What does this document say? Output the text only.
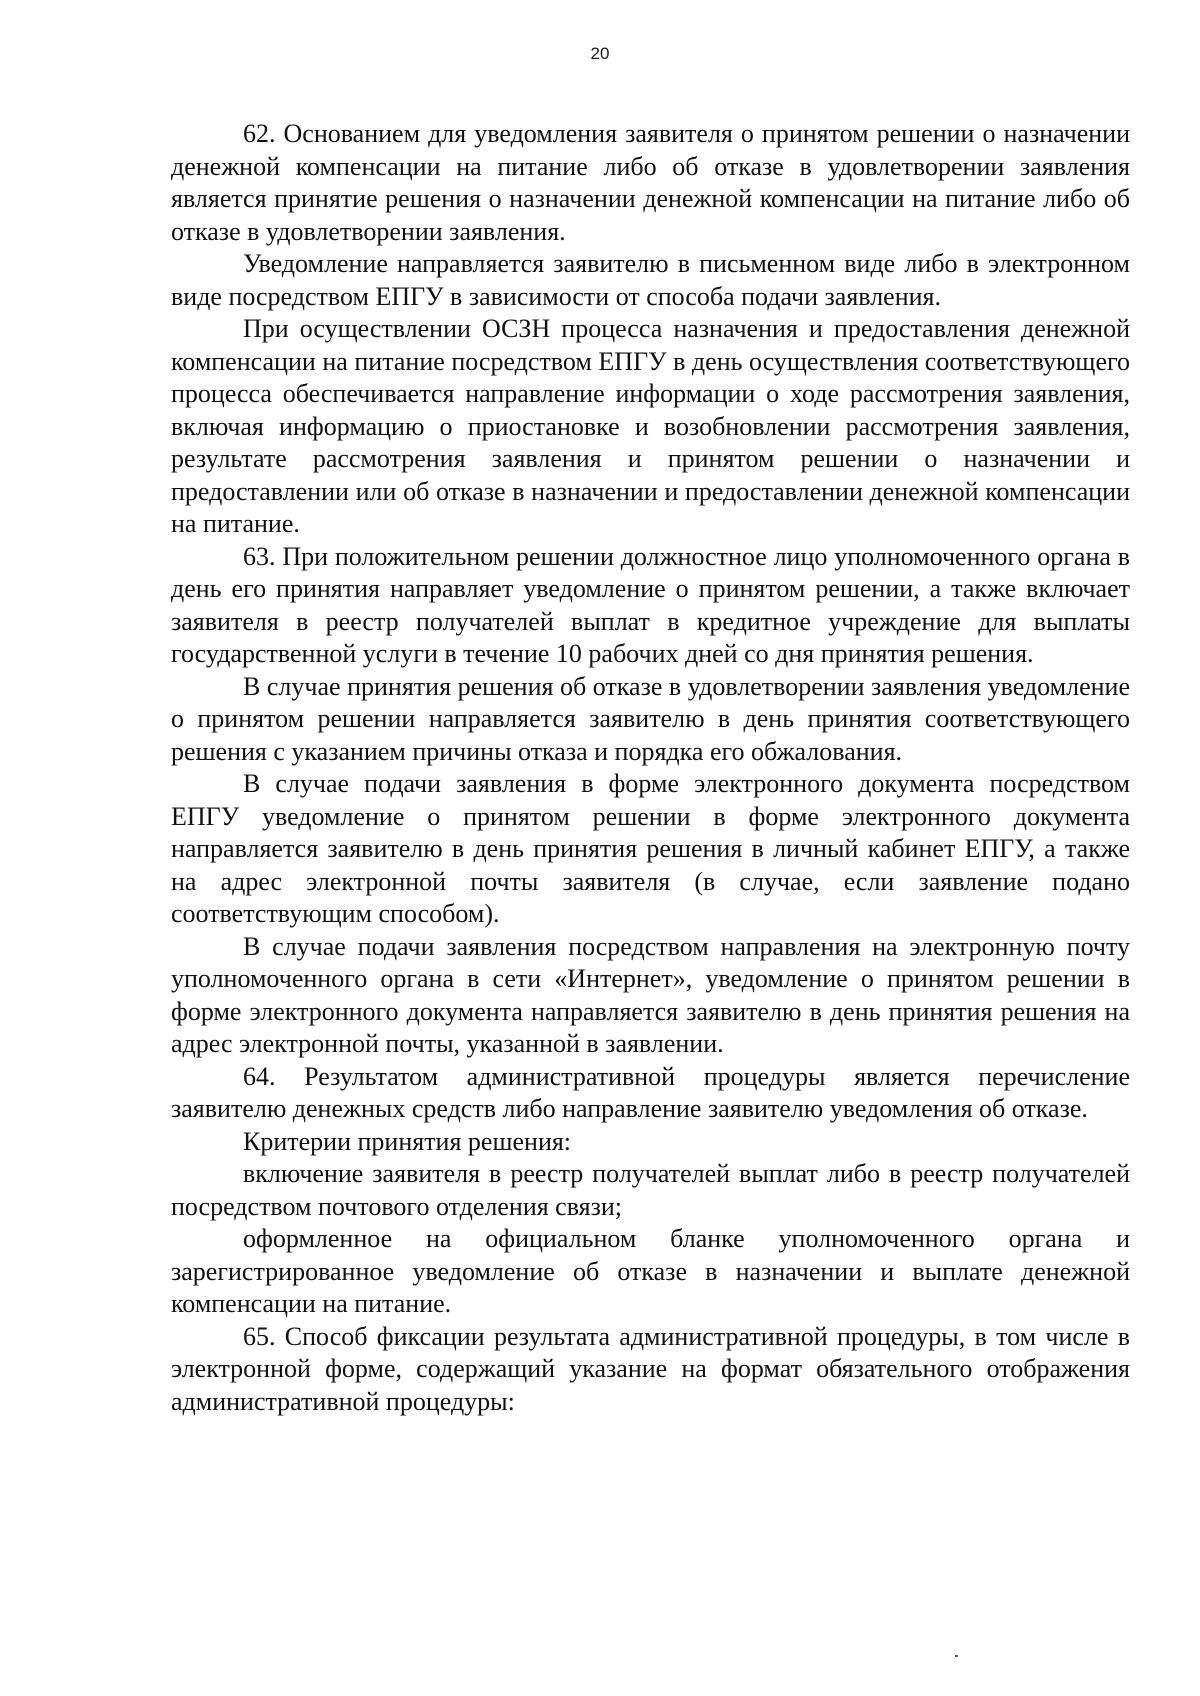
20

62. Основанием для уведомления заявителя о принятом решении о назначении денежной компенсации на питание либо об отказе в удовлетворении заявления является принятие решения о назначении денежной компенсации на питание либо об отказе в удовлетворении заявления.

Уведомление направляется заявителю в письменном виде либо в электронном виде посредством ЕПГУ в зависимости от способа подачи заявления.

При осуществлении ОСЗН процесса назначения и предоставления денежной компенсации на питание посредством ЕПГУ в день осуществления соответствующего процесса обеспечивается направление информации о ходе рассмотрения заявления, включая информацию о приостановке и возобновлении рассмотрения заявления, результате рассмотрения заявления и принятом решении о назначении и предоставлении или об отказе в назначении и предоставлении денежной компенсации на питание.

63. При положительном решении должностное лицо уполномоченного органа в день его принятия направляет уведомление о принятом решении, а также включает заявителя в реестр получателей выплат в кредитное учреждение для выплаты государственной услуги в течение 10 рабочих дней со дня принятия решения.

В случае принятия решения об отказе в удовлетворении заявления уведомление о принятом решении направляется заявителю в день принятия соответствующего решения с указанием причины отказа и порядка его обжалования.

В случае подачи заявления в форме электронного документа посредством ЕПГУ уведомление о принятом решении в форме электронного документа направляется заявителю в день принятия решения в личный кабинет ЕПГУ, а также на адрес электронной почты заявителя (в случае, если заявление подано соответствующим способом).

В случае подачи заявления посредством направления на электронную почту уполномоченного органа в сети «Интернет», уведомление о принятом решении в форме электронного документа направляется заявителю в день принятия решения на адрес электронной почты, указанной в заявлении.

64. Результатом административной процедуры является перечисление заявителю денежных средств либо направление заявителю уведомления об отказе.

Критерии принятия решения:

включение заявителя в реестр получателей выплат либо в реестр получателей посредством почтового отделения связи;

оформленное на официальном бланке уполномоченного органа и зарегистрированное уведомление об отказе в назначении и выплате денежной компенсации на питание.

65. Способ фиксации результата административной процедуры, в том числе в электронной форме, содержащий указание на формат обязательного отображения административной процедуры:
